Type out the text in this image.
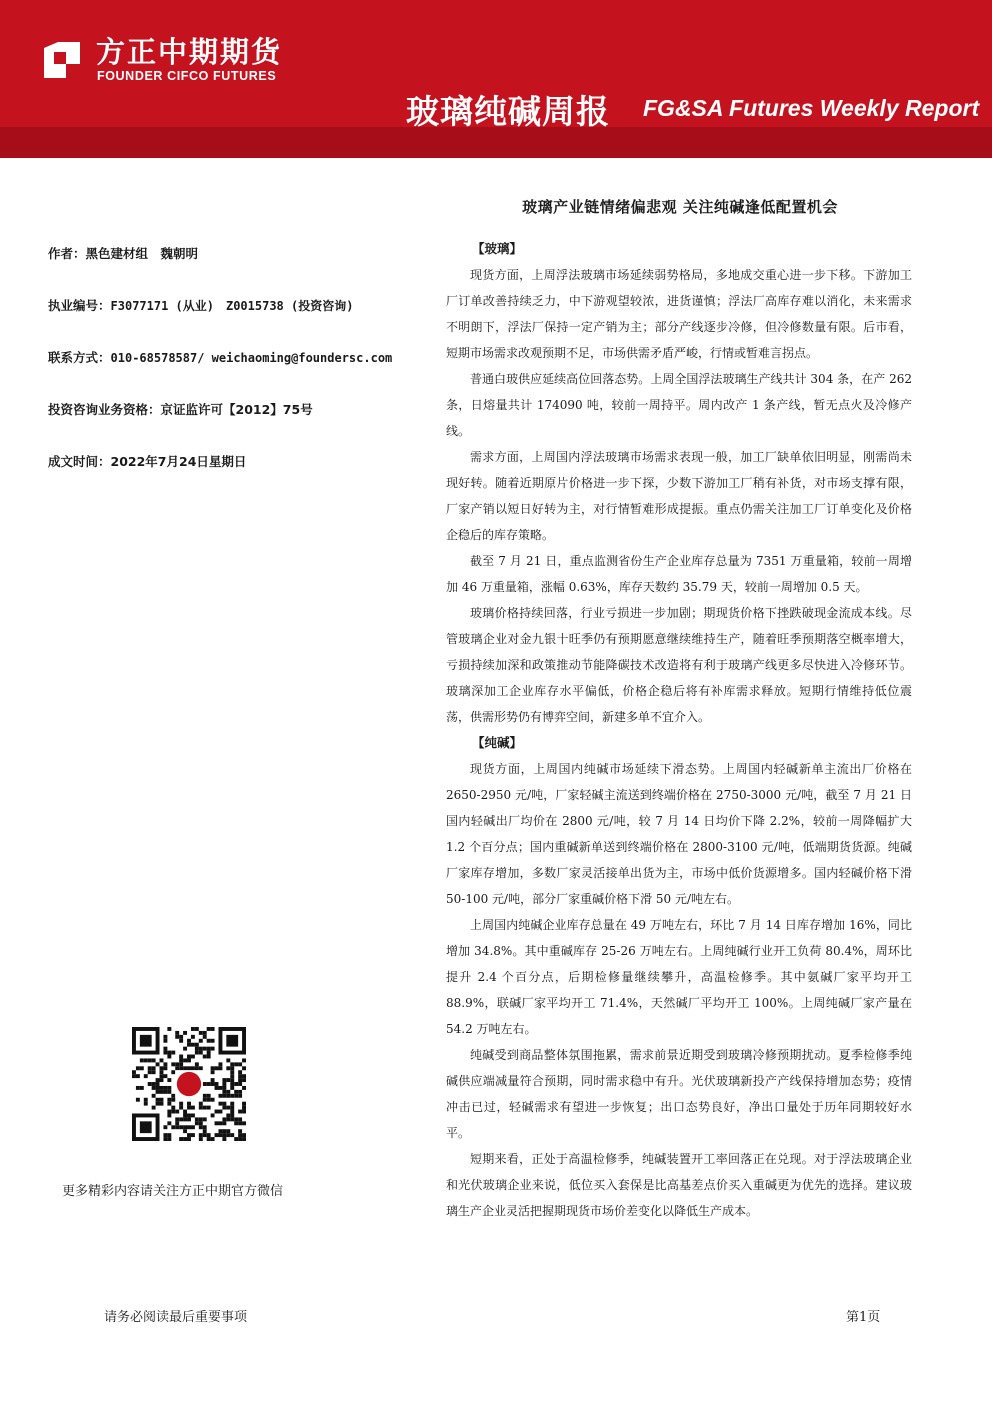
方正中期期货
FOUNDER CIFCO FUTURES
玻璃纯碱周报 FG&SA Futures Weekly Report
玻璃产业链情绪偏悲观 关注纯碱逢低配置机会
作者：黑色建材组　魏朝明
执业编号：F3077171 (从业)　Z0015738 (投资咨询)
联系方式：010-68578587/ weichaoming@foundersc.com
投资咨询业务资格：京证监许可【2012】75号
成文时间：2022年7月24日星期日

【玻璃】

现货方面，上周浮法玻璃市场延续弱势格局，多地成交重心进一步下移。下游加工厂订单改善持续乏力，中下游观望较浓，进货谨慎；浮法厂高库存难以消化，未来需求不明朗下，浮法厂保持一定产销为主；部分产线逐步冷修，但冷修数量有限。后市看，短期市场需求改观预期不足，市场供需矛盾严峻，行情或暂难言拐点。

普通白玻供应延续高位回落态势。上周全国浮法玻璃生产线共计 304 条，在产 262 条，日熔量共计 174090 吨，较前一周持平。周内改产 1 条产线，暂无点火及冷修产线。

需求方面，上周国内浮法玻璃市场需求表现一般，加工厂缺单依旧明显，刚需尚未现好转。随着近期原片价格进一步下探，少数下游加工厂稍有补货，对市场支撑有限，厂家产销以短日好转为主，对行情暂难形成提振。重点仍需关注加工厂订单变化及价格企稳后的库存策略。

截至 7 月 21 日，重点监测省份生产企业库存总量为 7351 万重量箱，较前一周增加 46 万重量箱，涨幅 0.63%，库存天数约 35.79 天，较前一周增加 0.5 天。

玻璃价格持续回落，行业亏损进一步加剧；期现货价格下挫跌破现金流成本线。尽管玻璃企业对金九银十旺季仍有预期愿意继续维持生产，随着旺季预期落空概率增大，亏损持续加深和政策推动节能降碳技术改造将有利于玻璃产线更多尽快进入冷修环节。玻璃深加工企业库存水平偏低，价格企稳后将有补库需求释放。短期行情维持低位震荡，供需形势仍有博弈空间，新建多单不宜介入。

【纯碱】

现货方面，上周国内纯碱市场延续下滑态势。上周国内轻碱新单主流出厂价格在 2650-2950 元/吨，厂家轻碱主流送到终端价格在 2750-3000 元/吨，截至 7 月 21 日国内轻碱出厂均价在 2800 元/吨，较 7 月 14 日均价下降 2.2%，较前一周降幅扩大 1.2 个百分点；国内重碱新单送到终端价格在 2800-3100 元/吨，低端期货货源。纯碱厂家库存增加，多数厂家灵活接单出货为主，市场中低价货源增多。国内轻碱价格下滑 50-100 元/吨，部分厂家重碱价格下滑 50 元/吨左右。

上周国内纯碱企业库存总量在 49 万吨左右，环比 7 月 14 日库存增加 16%，同比增加 34.8%。其中重碱库存 25-26 万吨左右。上周纯碱行业开工负荷 80.4%，周环比提升 2.4 个百分点，后期检修量继续攀升，高温检修季。其中氨碱厂家平均开工 88.9%，联碱厂家平均开工 71.4%，天然碱厂平均开工 100%。上周纯碱厂家产量在 54.2 万吨左右。

纯碱受到商品整体氛围拖累，需求前景近期受到玻璃冷修预期扰动。夏季检修季纯碱供应端减量符合预期，同时需求稳中有升。光伏玻璃新投产产线保持增加态势；疫情冲击已过，轻碱需求有望进一步恢复；出口态势良好，净出口量处于历年同期较好水平。

短期来看，正处于高温检修季，纯碱装置开工率回落正在兑现。对于浮法玻璃企业和光伏玻璃企业来说，低位买入套保是比高基差点价买入重碱更为优先的选择。建议玻璃生产企业灵活把握期现货市场价差变化以降低生产成本。

更多精彩内容请关注方正中期官方微信
请务必阅读最后重要事项	第1页
